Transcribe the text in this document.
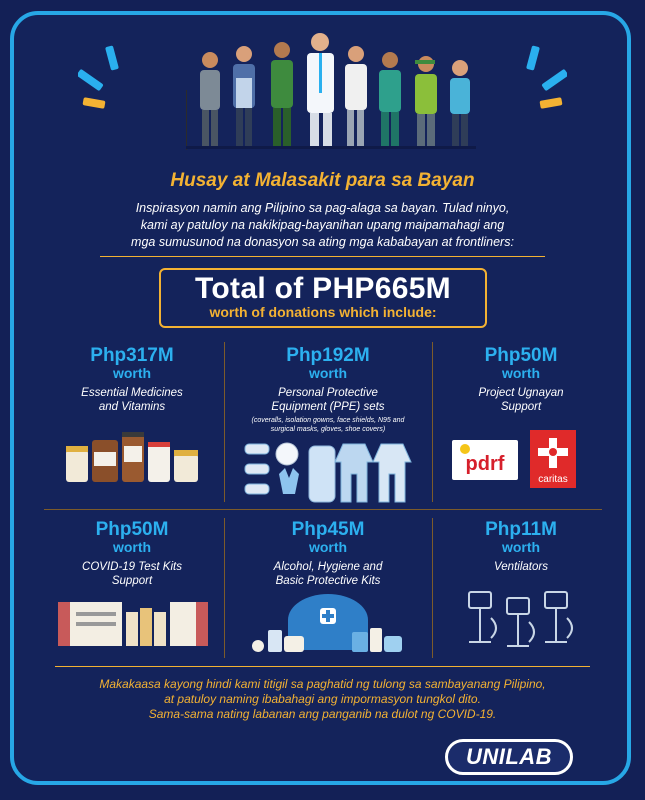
Husay at Malasakit para sa Bayan
Inspirasyon namin ang Pilipino sa pag-alaga sa bayan. Tulad ninyo,
kami ay patuloy na nakikipag-bayanihan upang maipamahagi ang
mga sumusunod na donasyon sa ating mga kababayan at frontliners:
Total of PHP665M
worth of donations which include:
Php317M
worth
Essential Medicines
and Vitamins
Php192M
worth
Personal Protective
Equipment (PPE) sets
(coveralls, isolation gowns, face shields, N95 and
surgical masks, gloves, shoe covers)
Php50M
worth
Project Ugnayan
Support
pdrf
caritas
Php50M
worth
COVID-19 Test Kits
Support
Php45M
worth
Alcohol, Hygiene and
Basic Protective Kits
Php11M
worth
Ventilators
Makakaasa kayong hindi kami titigil sa paghatid ng tulong sa sambayanang Pilipino,
at patuloy naming ibabahagi ang impormasyon tungkol dito.
Sama-sama nating labanan ang panganib na dulot ng COVID-19.
UNILAB
